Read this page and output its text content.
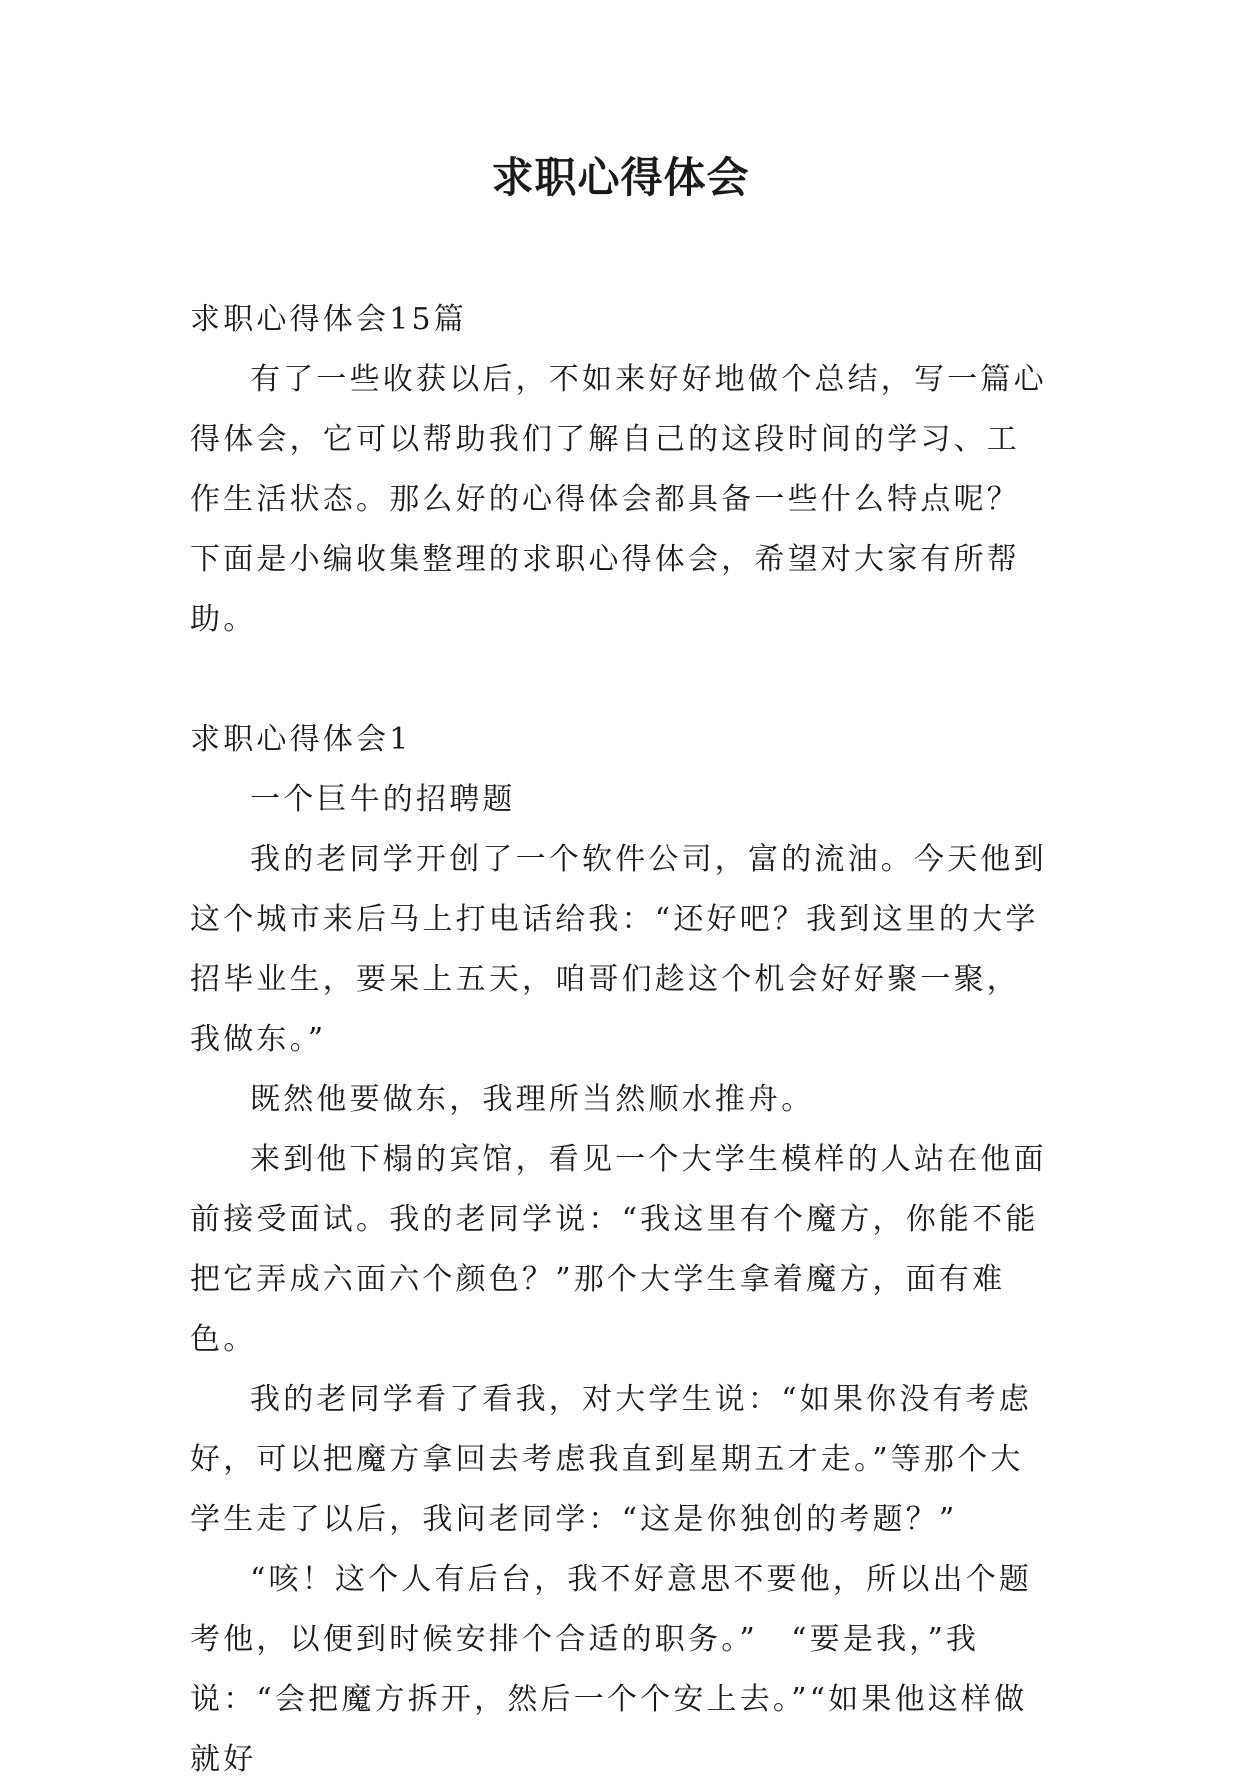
求职心得体会

求职心得体会15篇

有了一些收获以后，不如来好好地做个总结，写一篇心得体会，它可以帮助我们了解自己的这段时间的学习、工作生活状态。那么好的心得体会都具备一些什么特点呢？下面是小编收集整理的求职心得体会，希望对大家有所帮助。

求职心得体会1

一个巨牛的招聘题

我的老同学开创了一个软件公司，富的流油。今天他到这个城市来后马上打电话给我：“还好吧？我到这里的大学招毕业生，要呆上五天，咱哥们趁这个机会好好聚一聚，我做东。”

既然他要做东，我理所当然顺水推舟。

来到他下榻的宾馆，看见一个大学生模样的人站在他面前接受面试。我的老同学说：“我这里有个魔方，你能不能把它弄成六面六个颜色？”那个大学生拿着魔方，面有难色。

我的老同学看了看我，对大学生说：“如果你没有考虑好，可以把魔方拿回去考虑我直到星期五才走。”等那个大学生走了以后，我问老同学：“这是你独创的考题？”

“咳！这个人有后台，我不好意思不要他，所以出个题考他，以便到时候安排个合适的职务。”　“要是我，”我说：“会把魔方拆开，然后一个个安上去。”“如果他这样做就好
